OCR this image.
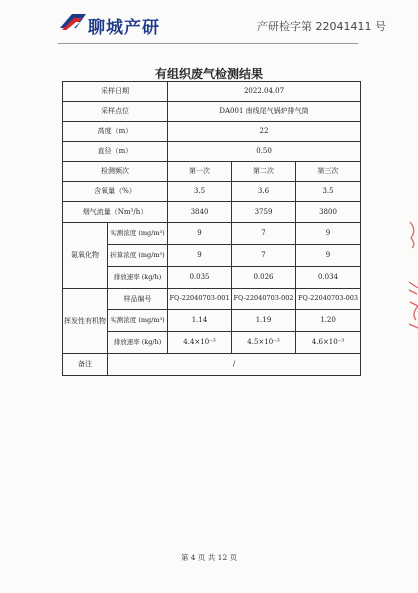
聊城产研	产研检字第 22041411 号
有组织废气检测结果
采样日期		2022.04.07		
采样点位		DA001 南线尾气锅炉排气筒		
高度（m）		22		
直径（m）		0.50		
检测频次		第一次	第二次	第三次
含氧量（%）		3.5	3.6	3.5
烟气流量（Nm³/h）		3840	3759	3800
氮氧化物	实测浓度 (mg/m³)	9	7	9
	折算浓度 (mg/m³)	9	7	9
	排放速率 (kg/h)	0.035	0.026	0.034
挥发性有机物	样品编号	FQ-22040703-001	FQ-22040703-002	FQ-22040703-003
	实测浓度 (mg/m³)	1.14	1.19	1.20
	排放速率 (kg/h)	4.4×10⁻³	4.5×10⁻³	4.6×10⁻³
备注	/			
第 4 页 共 12 页
